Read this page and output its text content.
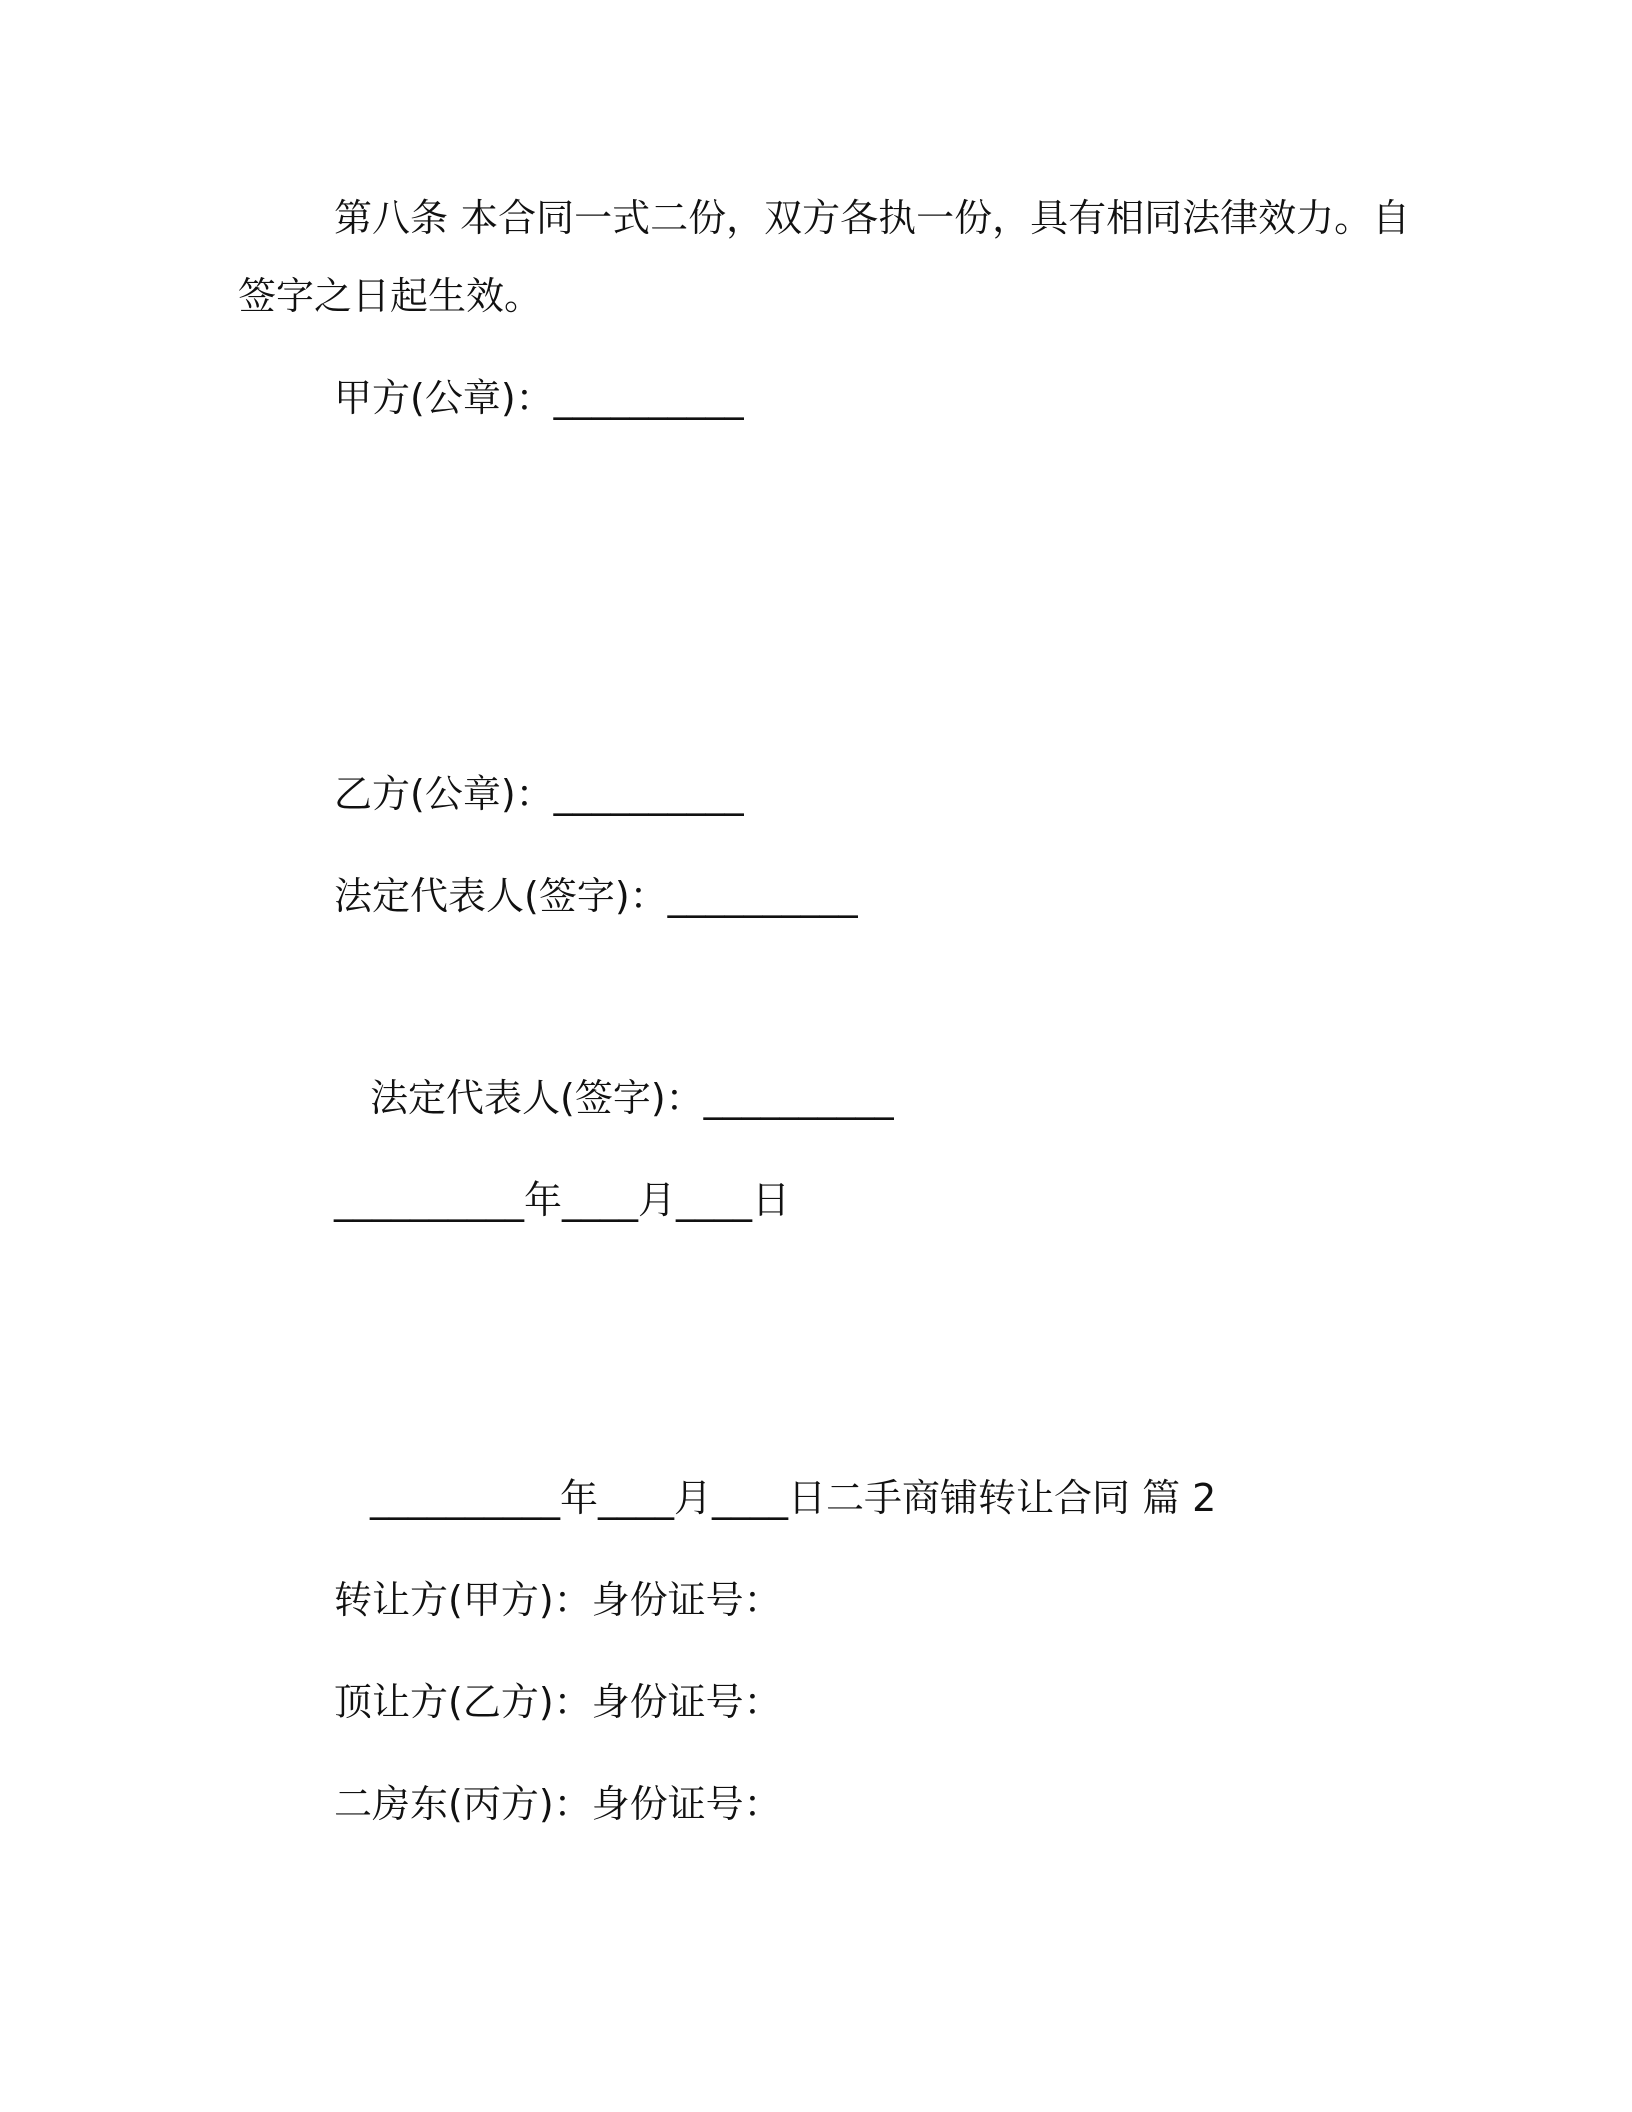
第八条 本合同一式二份，双方各执一份，具有相同法律效力。自

签字之日起生效。

甲方(公章)：__________

乙方(公章)：__________

法定代表人(签字)：__________

法定代表人(签字)：__________

__________年____月____日

__________年____月____日二手商铺转让合同 篇 2

转让方(甲方)：身份证号：

顶让方(乙方)：身份证号：

二房东(丙方)：身份证号：
